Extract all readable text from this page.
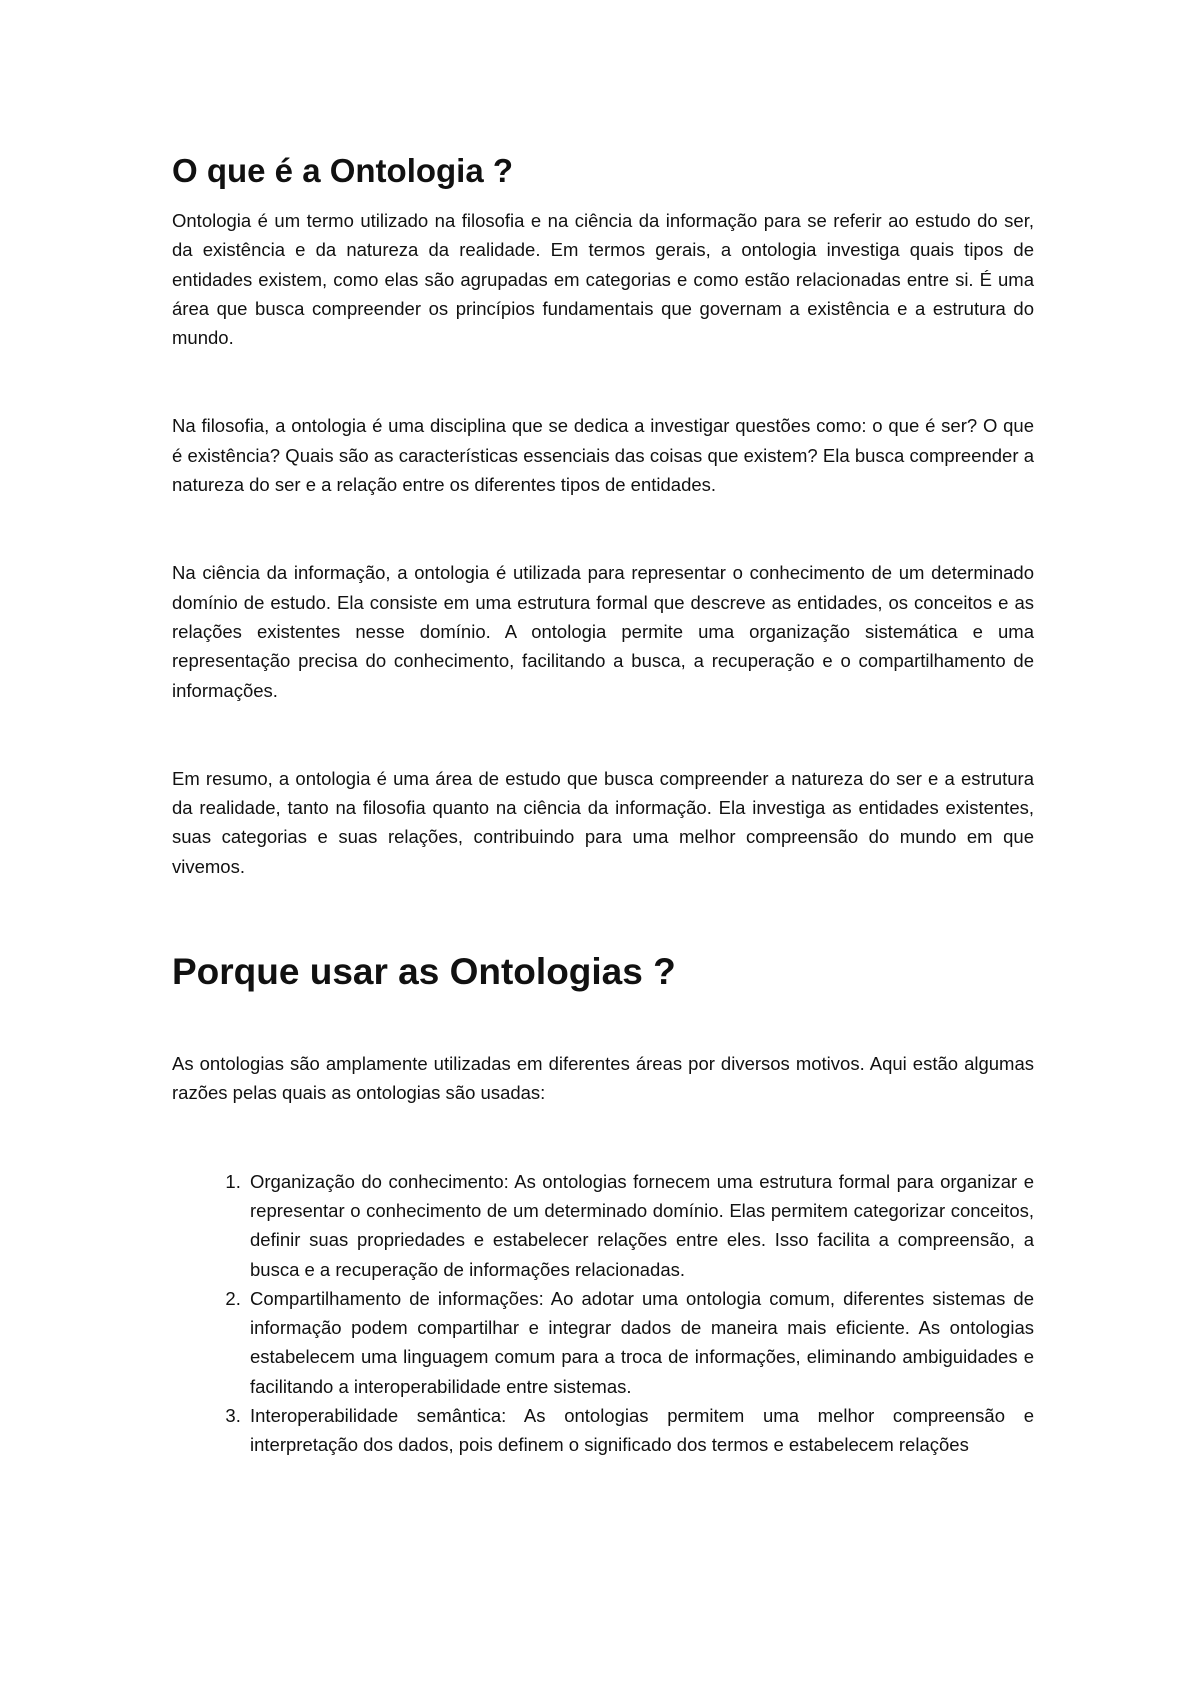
O que é a Ontologia ?

Ontologia é um termo utilizado na filosofia e na ciência da informação para se referir ao estudo do ser, da existência e da natureza da realidade. Em termos gerais, a ontologia investiga quais tipos de entidades existem, como elas são agrupadas em categorias e como estão relacionadas entre si. É uma área que busca compreender os princípios fundamentais que governam a existência e a estrutura do mundo.

Na filosofia, a ontologia é uma disciplina que se dedica a investigar questões como: o que é ser? O que é existência? Quais são as características essenciais das coisas que existem? Ela busca compreender a natureza do ser e a relação entre os diferentes tipos de entidades.

Na ciência da informação, a ontologia é utilizada para representar o conhecimento de um determinado domínio de estudo. Ela consiste em uma estrutura formal que descreve as entidades, os conceitos e as relações existentes nesse domínio. A ontologia permite uma organização sistemática e uma representação precisa do conhecimento, facilitando a busca, a recuperação e o compartilhamento de informações.

Em resumo, a ontologia é uma área de estudo que busca compreender a natureza do ser e a estrutura da realidade, tanto na filosofia quanto na ciência da informação. Ela investiga as entidades existentes, suas categorias e suas relações, contribuindo para uma melhor compreensão do mundo em que vivemos.

Porque usar as Ontologias ?

As ontologias são amplamente utilizadas em diferentes áreas por diversos motivos. Aqui estão algumas razões pelas quais as ontologias são usadas:

1. Organização do conhecimento: As ontologias fornecem uma estrutura formal para organizar e representar o conhecimento de um determinado domínio. Elas permitem categorizar conceitos, definir suas propriedades e estabelecer relações entre eles. Isso facilita a compreensão, a busca e a recuperação de informações relacionadas.
2. Compartilhamento de informações: Ao adotar uma ontologia comum, diferentes sistemas de informação podem compartilhar e integrar dados de maneira mais eficiente. As ontologias estabelecem uma linguagem comum para a troca de informações, eliminando ambiguidades e facilitando a interoperabilidade entre sistemas.
3. Interoperabilidade semântica: As ontologias permitem uma melhor compreensão e interpretação dos dados, pois definem o significado dos termos e estabelecem relações
